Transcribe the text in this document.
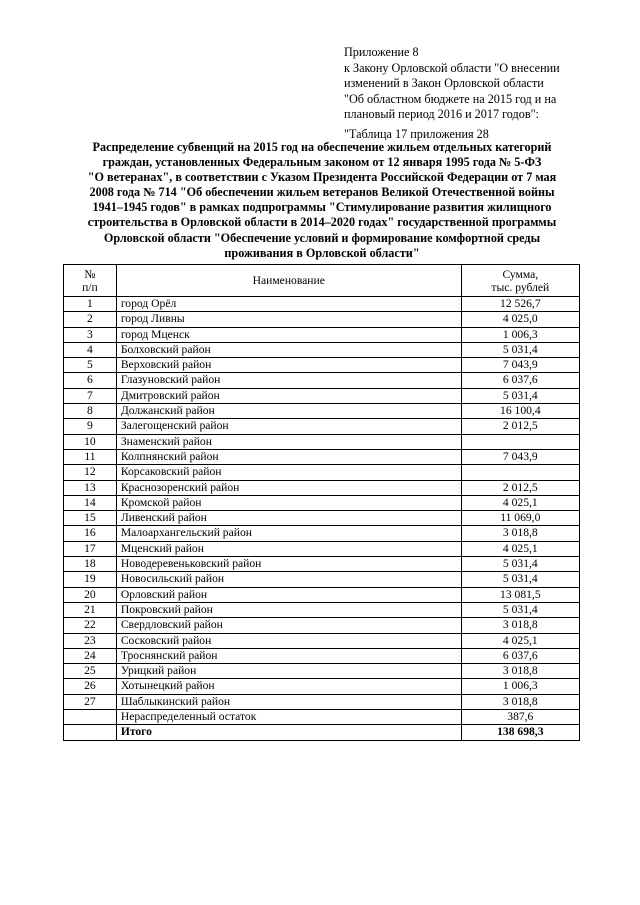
Приложение 8
к Закону Орловской области "О внесении
изменений в Закон Орловской области
"Об областном бюджете на 2015 год и на
плановый период 2016 и 2017 годов":
"Таблица 17 приложения 28
Распределение субвенций на 2015 год на обеспечение жильем отдельных категорий
граждан, установленных Федеральным законом от 12 января 1995 года № 5-ФЗ
"О ветеранах", в соответствии с Указом Президента Российской Федерации от 7 мая
2008 года № 714 "Об обеспечении жильем ветеранов Великой Отечественной войны
1941–1945 годов" в рамках подпрограммы "Стимулирование развития жилищного
строительства в Орловской области в 2014–2020 годах" государственной программы
Орловской области "Обеспечение условий и формирование комфортной среды
проживания в Орловской области"
№
п/п	Наименование	Сумма,
тыс. рублей
1	город Орёл	12 526,7
2	город Ливны	4 025,0
3	город Мценск	1 006,3
4	Болховский район	5 031,4
5	Верховский район	7 043,9
6	Глазуновский район	6 037,6
7	Дмитровский район	5 031,4
8	Должанский район	16 100,4
9	Залегощенский район	2 012,5
10	Знаменский район	
11	Колпнянский район	7 043,9
12	Корсаковский район	
13	Краснозоренский район	2 012,5
14	Кромской район	4 025,1
15	Ливенский район	11 069,0
16	Малоархангельский район	3 018,8
17	Мценский район	4 025,1
18	Новодеревеньковский район	5 031,4
19	Новосильский район	5 031,4
20	Орловский район	13 081,5
21	Покровский район	5 031,4
22	Свердловский район	3 018,8
23	Сосковский район	4 025,1
24	Троснянский район	6 037,6
25	Урицкий район	3 018,8
26	Хотынецкий район	1 006,3
27	Шаблыкинский район	3 018,8
	Нераспределенный остаток	387,6
	Итого	138 698,3
